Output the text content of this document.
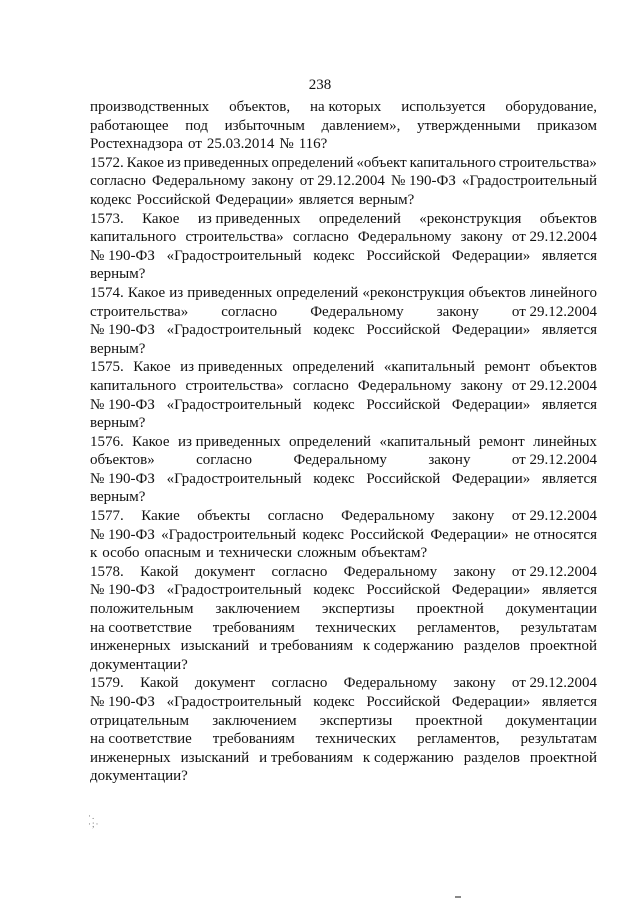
238
производственных объектов, на которых используется оборудование,
работающее под избыточным давлением», утвержденными приказом
Ростехнадзора от 25.03.2014 № 116?
1572. Какое из приведенных определений «объект капитального строительства»
согласно Федеральному закону от 29.12.2004 № 190-ФЗ «Градостроительный
кодекс Российской Федерации» является верным?
1573. Какое из приведенных определений «реконструкция объектов
капитального строительства» согласно Федеральному закону от 29.12.2004
№ 190-ФЗ «Градостроительный кодекс Российской Федерации» является
верным?
1574. Какое из приведенных определений «реконструкция объектов линейного
строительства» согласно Федеральному закону от 29.12.2004
№ 190-ФЗ «Градостроительный кодекс Российской Федерации» является
верным?
1575. Какое из приведенных определений «капитальный ремонт объектов
капитального строительства» согласно Федеральному закону от 29.12.2004
№ 190-ФЗ «Градостроительный кодекс Российской Федерации» является
верным?
1576. Какое из приведенных определений «капитальный ремонт линейных
объектов»	согласно	Федеральному	закону	от 29.12.2004
№ 190-ФЗ «Градостроительный кодекс Российской Федерации» является
верным?
1577. Какие объекты согласно Федеральному закону от 29.12.2004
№ 190-ФЗ «Градостроительный кодекс Российской Федерации» не относятся
к особо опасным и технически сложным объектам?
1578. Какой документ согласно Федеральному закону от 29.12.2004
№ 190-ФЗ «Градостроительный кодекс Российской Федерации» является
положительным заключением экспертизы проектной документации
на соответствие требованиям технических регламентов, результатам
инженерных изысканий и требованиям к содержанию разделов проектной
документации?
1579. Какой документ согласно Федеральному закону от 29.12.2004
№ 190-ФЗ «Градостроительный кодекс Российской Федерации» является
отрицательным заключением экспертизы проектной документации
на соответствие требованиям технических регламентов, результатам
инженерных изысканий и требованиям к содержанию разделов проектной
документации?
·.
·;·
